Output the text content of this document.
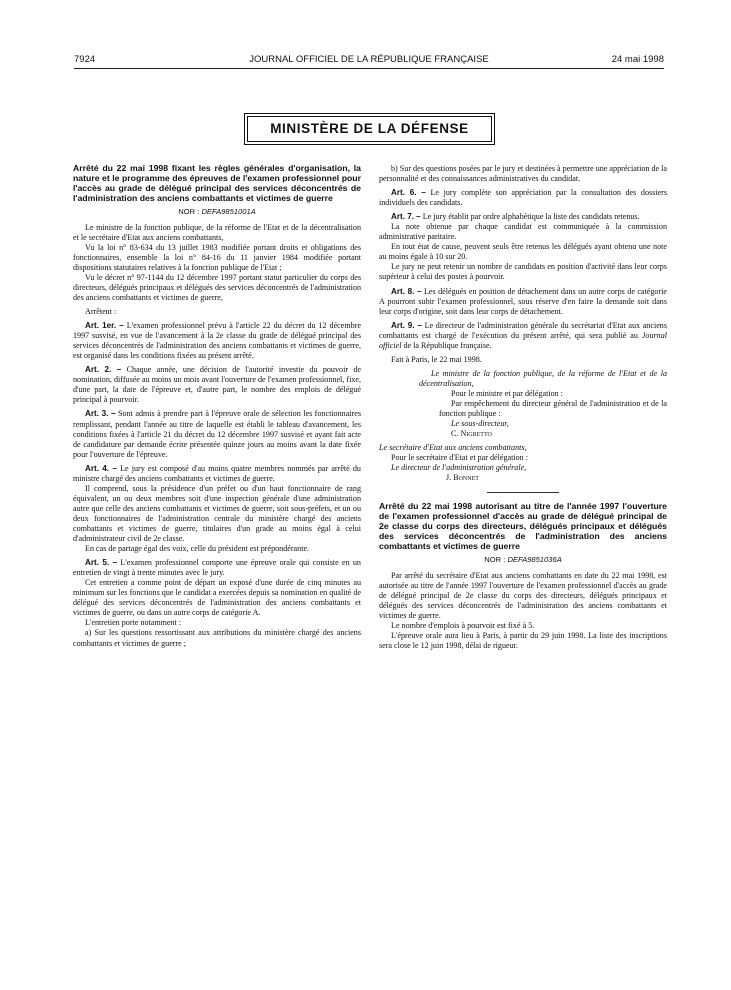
7924	JOURNAL OFFICIEL DE LA RÉPUBLIQUE FRANÇAISE	24 mai 1998
MINISTÈRE DE LA DÉFENSE

Arrêté du 22 mai 1998 fixant les règles générales d'organisation, la nature et le programme des épreuves de l'examen professionnel pour l'accès au grade de délégué principal des services déconcentrés de l'administration des anciens combattants et victimes de guerre

NOR : DEFA9851001A

Le ministre de la fonction publique, de la réforme de l'Etat et de la décentralisation et le secrétaire d'Etat aux anciens combattants,

Vu la loi n° 83-634 du 13 juillet 1983 modifiée portant droits et obligations des fonctionnaires, ensemble la loi n° 84-16 du 11 janvier 1984 modifiée portant dispositions statutaires relatives à la fonction publique de l'Etat ;

Vu le décret n° 97-1144 du 12 décembre 1997 portant statut particulier du corps des directeurs, délégués principaux et délégués des services déconcentrés de l'administration des anciens combattants et victimes de guerre,

Arrêtent :

Art. 1er. – L'examen professionnel prévu à l'article 22 du décret du 12 décembre 1997 susvisé, en vue de l'avancement à la 2e classe du grade de délégué principal des services déconcentrés de l'administration des anciens combattants et victimes de guerre, est organisé dans les conditions fixées au présent arrêté.

Art. 2. – Chaque année, une décision de l'autorité investie du pouvoir de nomination, diffusée au moins un mois avant l'ouverture de l'examen professionnel, fixe, d'une part, la date de l'épreuve et, d'autre part, le nombre des emplois de délégué principal à pourvoir.

Art. 3. – Sont admis à prendre part à l'épreuve orale de sélection les fonctionnaires remplissant, pendant l'année au titre de laquelle est établi le tableau d'avancement, les conditions fixées à l'article 21 du décret du 12 décembre 1997 susvisé et ayant fait acte de candidature par demande écrite présentée quinze jours au moins avant la date fixée pour l'ouverture de l'épreuve.

Art. 4. – Le jury est composé d'au moins quatre membres nommés par arrêté du ministre chargé des anciens combattants et victimes de guerre.

Il comprend, sous la présidence d'un préfet ou d'un haut fonctionnaire de rang équivalent, un ou deux membres soit d'une inspection générale d'une administration autre que celle des anciens combattants et victimes de guerre, soit sous-préfets, et un ou deux fonctionnaires de l'administration centrale du ministère chargé des anciens combattants et victimes de guerre, titulaires d'un grade au moins égal à celui d'administrateur civil de 2e classe.

En cas de partage égal des voix, celle du président est prépondérante.

Art. 5. – L'examen professionnel comporte une épreuve orale qui consiste en un entretien de vingt à trente minutes avec le jury.

Cet entretien a comme point de départ un exposé d'une durée de cinq minutes au minimum sur les fonctions que le candidat a exercées depuis sa nomination en qualité de délégué des services déconcentrés de l'administration des anciens combattants et victimes de guerre, ou dans un autre corps de catégorie A.

L'entretien porte notamment :

a) Sur les questions ressortissant aux attributions du ministère chargé des anciens combattants et victimes de guerre ;

b) Sur des questions posées par le jury et destinées à permettre une appréciation de la personnalité et des connaissances administratives du candidat.

Art. 6. – Le jury complète son appréciation par la consultation des dossiers individuels des candidats.

Art. 7. – Le jury établit par ordre alphabétique la liste des candidats retenus.

La note obtenue par chaque candidat est communiquée à la commission administrative paritaire.

En tout état de cause, peuvent seuls être retenus les délégués ayant obtenu une note au moins égale à 10 sur 20.

Le jury ne peut retenir un nombre de candidats en position d'activité dans leur corps supérieur à celui des postes à pourvoir.

Art. 8. – Les délégués en position de détachement dans un autre corps de catégorie A pourront subir l'examen professionnel, sous réserve d'en faire la demande soit dans leur corps d'origine, soit dans leur corps de détachement.

Art. 9. – Le directeur de l'administration générale du secrétariat d'Etat aux anciens combattants est chargé de l'exécution du présent arrêté, qui sera publié au Journal officiel de la République française.

Fait à Paris, le 22 mai 1998.

Le ministre de la fonction publique, de la réforme de l'Etat et de la décentralisation,

Pour le ministre et par délégation :

Par empêchement du directeur général de l'administration et de la fonction publique :

Le sous-directeur,

C. Nigretto

Le secrétaire d'Etat aux anciens combattants,

Pour le secrétaire d'Etat et par délégation :

Le directeur de l'administration générale,

J. Bonnet

Arrêté du 22 mai 1998 autorisant au titre de l'année 1997 l'ouverture de l'examen professionnel d'accès au grade de délégué principal de 2e classe du corps des directeurs, délégués principaux et délégués des services déconcentrés de l'administration des anciens combattants et victimes de guerre

NOR : DEFA9851036A

Par arrêté du secrétaire d'Etat aux anciens combattants en date du 22 mai 1998, est autorisée au titre de l'année 1997 l'ouverture de l'examen professionnel d'accès au grade de délégué principal de 2e classe du corps des directeurs, délégués principaux et délégués des services déconcentrés de l'administration des anciens combattants et victimes de guerre.

Le nombre d'emplois à pourvoir est fixé à 5.

L'épreuve orale aura lieu à Paris, à partir du 29 juin 1998. La liste des inscriptions sera close le 12 juin 1998, délai de rigueur.
